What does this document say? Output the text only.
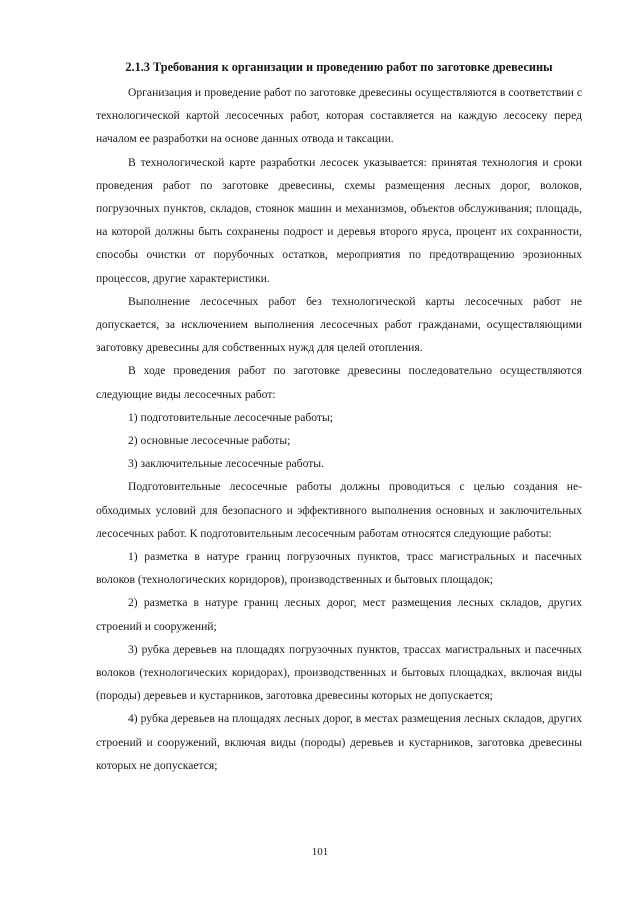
2.1.3 Требования к организации и проведению работ по заготовке древесины

Организация и проведение работ по заготовке древесины осуществляются в соответствии с технологической картой лесосечных работ, которая составляется на каждую лесосеку перед началом ее разработки на основе данных отвода и таксации.

В технологической карте разработки лесосек указывается: принятая технология и сроки проведения работ по заготовке древесины, схемы размещения лесных дорог, волоков, погрузочных пунктов, складов, стоянок машин и механизмов, объектов обслуживания; площадь, на которой должны быть сохранены подрост и деревья второго яруса, процент их сохранности, способы очистки от порубочных остатков, мероприятия по предотвращению эрозионных процессов, другие характеристики.

Выполнение лесосечных работ без технологической карты лесосечных работ не допускается, за исключением выполнения лесосечных работ гражданами, осуществляющими заготовку древесины для собственных нужд для целей отопления.

В ходе проведения работ по заготовке древесины последовательно осуществляются следующие виды лесосечных работ:

1) подготовительные лесосечные работы;

2) основные лесосечные работы;

3) заключительные лесосечные работы.

Подготовительные лесосечные работы должны проводиться с целью создания необходимых условий для безопасного и эффективного выполнения основных и заключительных лесосечных работ. К подготовительным лесосечным работам относятся следующие работы:

1) разметка в натуре границ погрузочных пунктов, трасс магистральных и пасечных волоков (технологических коридоров), производственных и бытовых площадок;

2) разметка в натуре границ лесных дорог, мест размещения лесных складов, других строений и сооружений;

3) рубка деревьев на площадях погрузочных пунктов, трассах магистральных и пасечных волоков (технологических коридорах), производственных и бытовых площадках, включая виды (породы) деревьев и кустарников, заготовка древесины которых не допускается;

4) рубка деревьев на площадях лесных дорог, в местах размещения лесных складов, других строений и сооружений, включая виды (породы) деревьев и кустарников, заготовка древесины которых не допускается;

101
